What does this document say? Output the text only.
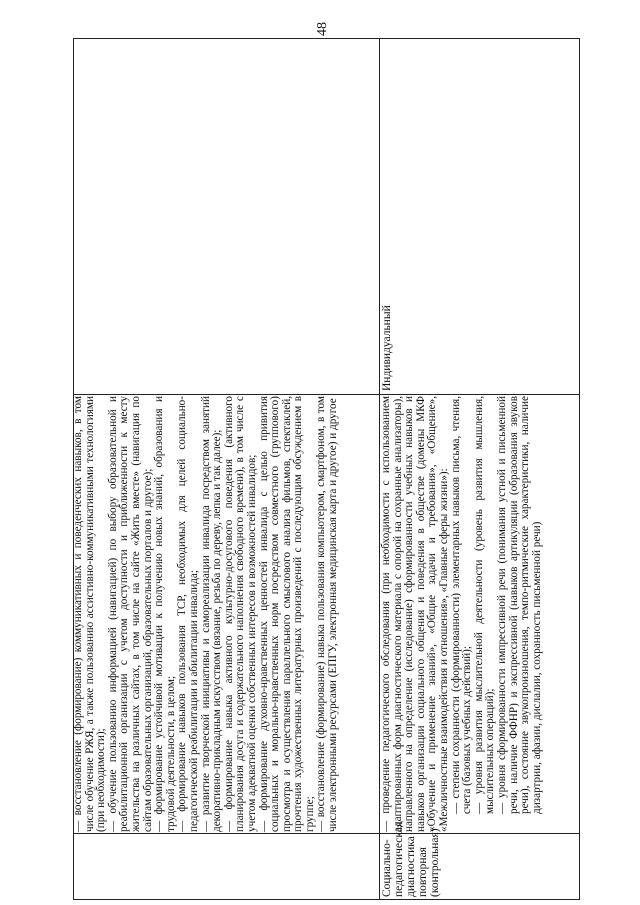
48

— восстановление (формирование) коммуникативных и поведенческих навыков, в том числе обучение РЖЯ, а также пользованию ассистивно-коммуникативными технологиями (при необходимости); — обучение пользованию информацией (навигацией) по выбору образовательной и реабилитационной организации с учетом доступности и приближенности к месту жительства на различных сайтах, в том числе на сайте «Жить вместе» (навигация по сайтам образовательных организаций, образовательных порталов и другое); — формирование устойчивой мотивации к получению новых знаний, образования и трудовой деятельности, в целом; — формирование навыков пользования ТСР, необходимых для целей социально-педагогической реабилитации и абилитации инвалида; — развитие творческой инициативы и самореализации инвалида посредством занятий декоративно-прикладным искусством (вязание, резьба по дереву, лепка и так далее); — формирование навыка активного культурно-досугового поведения (активного планирования досуга и содержательного наполнения свободного времени), в том числе с учетом адекватной оценки собственных интересов и возможностей инвалидов; — формирование духовно-нравственных ценностей инвалида с целью привития социальных и морально-нравственных норм посредством совместного (группового) просмотра и осуществления параллельного смыслового анализа фильмов, спектаклей, прочтения художественных литературных произведений с последующим обсуждением в группе; — восстановление (формирование) навыка пользования компьютером, смартфоном, в том числе электронными ресурсами (ЕПГУ, электронная медицинская карта и другое) и другое

Социально-педагогическая диагностика повторная (контрольная)

— проведение педагогического обследования (при необходимости с использованием адаптированных форм диагностического материала с опорой на сохранные анализаторы), направленного на определение (исследование) сформированности учебных навыков и навыков организации социального общения и поведения в обществе (домены МКФ «Обучение и применение знаний», «Общие задачи и требования», «Общение», «Межличностные взаимодействия и отношения», «Главные сферы жизни»): — степени сохранности (сформированности) элементарных навыков письма, чтения, счета (базовых учебных действий); — уровня развития мыслительной деятельности (уровень развития мышления, мыслительных операций); — уровня сформированности импрессивной речи (понимания устной и письменной речи, наличие ФФНР) и экспрессивной (навыков артикуляции (образования звуков речи), состояние звукопроизношения, темпо-ритмические характеристики, наличие дизартрии, афазии, дислалии, сохранность письменной речи)

Индивидуальный
